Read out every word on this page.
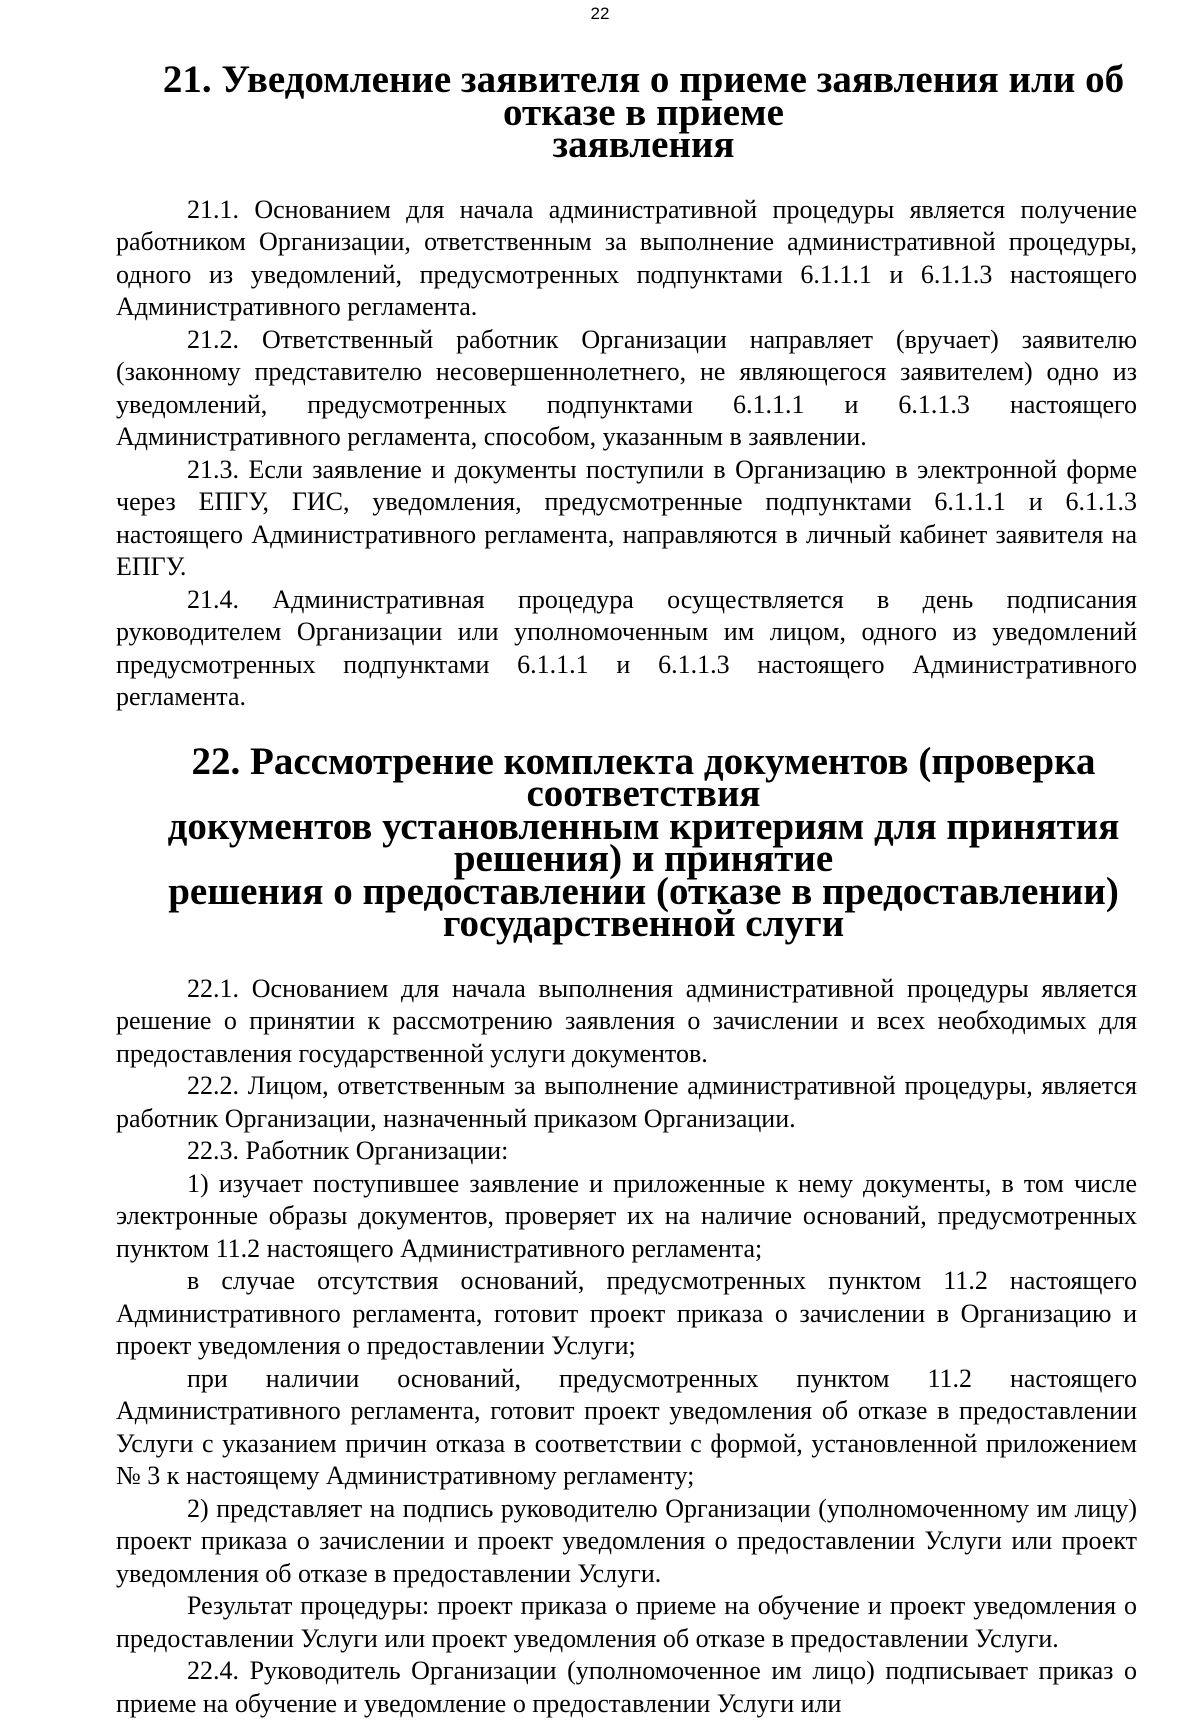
22
21. Уведомление заявителя о приеме заявления или об отказе в приеме
заявления

21.1. Основанием для начала административной процедуры является получение работником Организации, ответственным за выполнение административной процедуры, одного из уведомлений, предусмотренных подпунктами 6.1.1.1 и 6.1.1.3 настоящего Административного регламента.

21.2. Ответственный работник Организации направляет (вручает) заявителю (законному представителю несовершеннолетнего, не являющегося заявителем) одно из уведомлений, предусмотренных подпунктами 6.1.1.1 и 6.1.1.3 настоящего Административного регламента, способом, указанным в заявлении.

21.3. Если заявление и документы поступили в Организацию в электронной форме через ЕПГУ, ГИС, уведомления, предусмотренные подпунктами 6.1.1.1 и 6.1.1.3 настоящего Административного регламента, направляются в личный кабинет заявителя на ЕПГУ.

21.4. Административная процедура осуществляется в день подписания руководителем Организации или уполномоченным им лицом, одного из уведомлений предусмотренных подпунктами 6.1.1.1 и 6.1.1.3 настоящего Административного регламента.

22. Рассмотрение комплекта документов (проверка соответствия
документов установленным критериям для принятия решения) и принятие
решения о предоставлении (отказе в предоставлении) государственной слуги

22.1. Основанием для начала выполнения административной процедуры является решение о принятии к рассмотрению заявления о зачислении и всех необходимых для предоставления государственной услуги документов.

22.2. Лицом, ответственным за выполнение административной процедуры, является работник Организации, назначенный приказом Организации.

22.3. Работник Организации:

1) изучает поступившее заявление и приложенные к нему документы, в том числе электронные образы документов, проверяет их на наличие оснований, предусмотренных пунктом 11.2 настоящего Административного регламента;

в случае отсутствия оснований, предусмотренных пунктом 11.2 настоящего Административного регламента, готовит проект приказа о зачислении в Организацию и проект уведомления о предоставлении Услуги;

при наличии оснований, предусмотренных пунктом 11.2 настоящего Административного регламента, готовит проект уведомления об отказе в предоставлении Услуги с указанием причин отказа в соответствии с формой, установленной приложением № 3 к настоящему Административному регламенту;

2) представляет на подпись руководителю Организации (уполномоченному им лицу) проект приказа о зачислении и проект уведомления о предоставлении Услуги или проект уведомления об отказе в предоставлении Услуги.

Результат процедуры: проект приказа о приеме на обучение и проект уведомления о предоставлении Услуги или проект уведомления об отказе в предоставлении Услуги.

22.4. Руководитель Организации (уполномоченное им лицо) подписывает приказ о приеме на обучение и уведомление о предоставлении Услуги или
